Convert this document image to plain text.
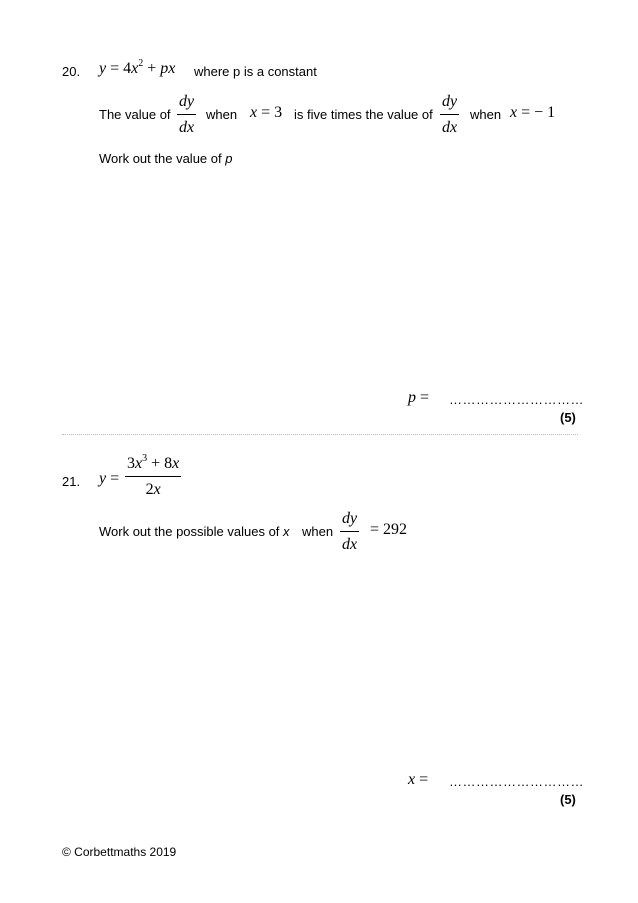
20. $y = 4x^2$ + px where p is a constant
The value of
dy
dx
when x = 3 is five times the value of
dy
dx
when x = − 1
Work out the value of p
p = …………………………
(5)
21. y =
$3x^3 + 8x$
2x
Work out the possible values of x when
dy
dx
= 292
x = …………………………
(5)
© Corbettmaths 2019
